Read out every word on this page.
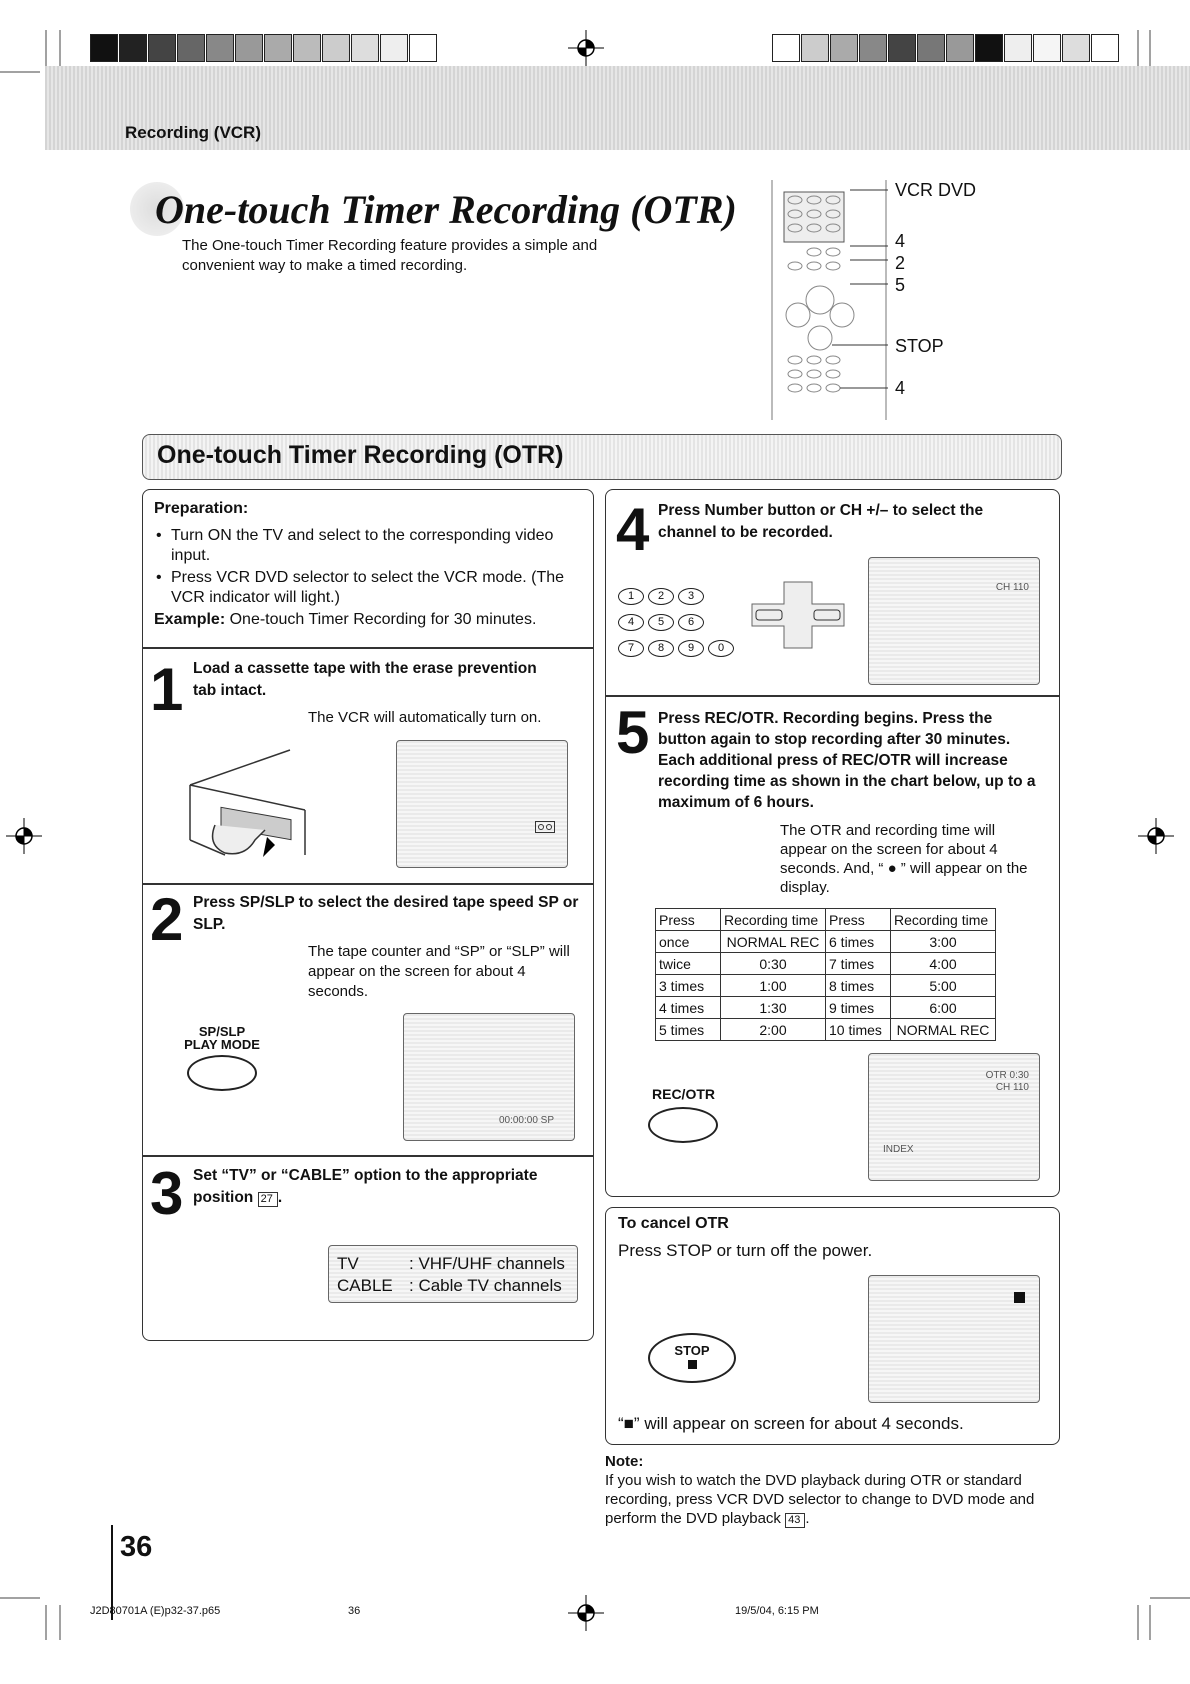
Recording (VCR)
One-touch Timer Recording (OTR)
The One-touch Timer Recording feature provides a simple and convenient way to make a timed recording.
VCR DVD
4
2
5
STOP
4
One-touch Timer Recording (OTR)
Preparation:
• Turn ON the TV and select to the corresponding video input.
• Press VCR DVD selector to select the VCR mode. (The VCR indicator will light.)
Example: One-touch Timer Recording for 30 minutes.
1 Load a cassette tape with the erase prevention tab intact.
The VCR will automatically turn on.
2 Press SP/SLP to select the desired tape speed SP or SLP.
The tape counter and “SP” or “SLP” will appear on the screen for about 4 seconds.
SP/SLP
PLAY MODE
00:00:00 SP
3 Set “TV” or “CABLE” option to the appropriate position 27 .
TV	: VHF/UHF channels
CABLE : Cable TV channels
4 Press Number button or CH +/– to select the channel to be recorded.
1 2 3
4 5 6
7 8 9 0
CH 110
5 Press REC/OTR. Recording begins. Press the button again to stop recording after 30 minutes. Each additional press of REC/OTR will increase recording time as shown in the chart below, up to a maximum of 6 hours.
The OTR and recording time will appear on the screen for about 4 seconds. And, “ ● ” will appear on the display.
Press	Recording time	Press	Recording time
once	NORMAL REC	6 times	3:00
twice	0:30	7 times	4:00
3 times	1:00	8 times	5:00
4 times	1:30	9 times	6:00
5 times	2:00	10 times	NORMAL REC
REC/OTR
OTR 0:30
CH 110
INDEX
To cancel OTR
Press STOP or turn off the power.
STOP
“■” will appear on screen for about 4 seconds.
Note:
If you wish to watch the DVD playback during OTR or standard recording, press VCR DVD selector to change to DVD mode and perform the DVD playback 43 .
36
J2D80701A (E)p32-37.p65	36	19/5/04, 6:15 PM
